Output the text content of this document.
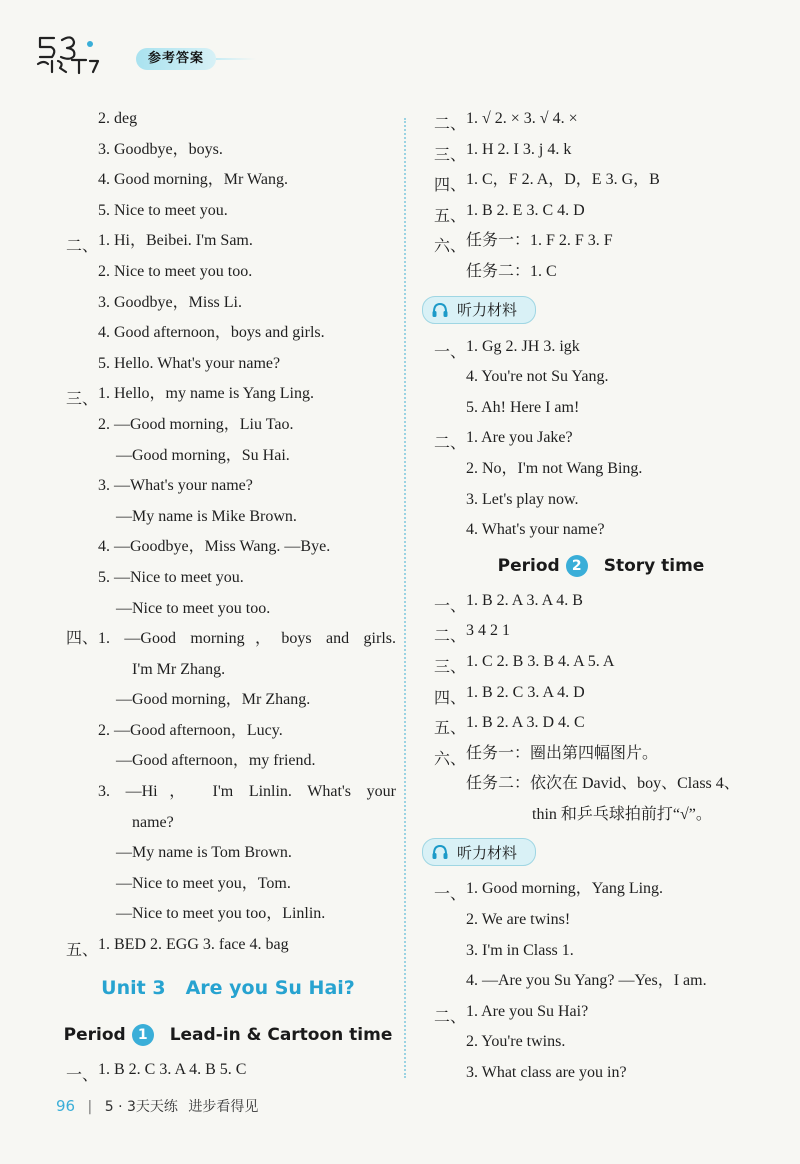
参考答案
2. deg
3. Goodbye，boys.
4. Good morning，Mr Wang.
5. Nice to meet you.
二、 1. Hi，Beibei. I'm Sam.
2. Nice to meet you too.
3. Goodbye，Miss Li.
4. Good afternoon，boys and girls.
5. Hello. What's your name?
三、 1. Hello，my name is Yang Ling.
2. —Good morning，Liu Tao.
—Good morning，Su Hai.
3. —What's your name?
—My name is Mike Brown.
4. —Goodbye，Miss Wang. —Bye.
5. —Nice to meet you.
—Nice to meet you too.
四、 1. —Good morning，boys and girls.
I'm Mr Zhang.
—Good morning，Mr Zhang.
2. —Good afternoon，Lucy.
—Good afternoon，my friend.
3. —Hi， I'm Linlin. What's your
name?
—My name is Tom Brown.
—Nice to meet you，Tom.
—Nice to meet you too，Linlin.
五、 1. BED 2. EGG 3. face 4. bag
Unit 3 Are you Su Hai?
Period 1	Lead-in & Cartoon time
一、 1. B 2. C 3. A 4. B 5. C
二、 1. √ 2. × 3. √ 4. ×
三、 1. H 2. I 3. j 4. k
四、 1. C，F 2. A，D，E 3. G，B
五、 1. B 2. E 3. C 4. D
六、 任务一：1. F 2. F 3. F
任务二：1. C
听力材料
一、 1. Gg 2. JH 3. igk
4. You're not Su Yang.
5. Ah! Here I am!
二、 1. Are you Jake?
2. No，I'm not Wang Bing.
3. Let's play now.
4. What's your name?
Period 2	Story time
一、 1. B 2. A 3. A 4. B
二、 3 4 2 1
三、 1. C 2. B 3. B 4. A 5. A
四、 1. B 2. C 3. A 4. D
五、 1. B 2. A 3. D 4. C
六、 任务一：圈出第四幅图片。
任务二：依次在 David、boy、Class 4、
thin 和乒乓球拍前打“√”。
听力材料
一、 1. Good morning，Yang Ling.
2. We are twins!
3. I'm in Class 1.
4. —Are you Su Yang? —Yes，I am.
二、 1. Are you Su Hai?
2. You're twins.
3. What class are you in?
96 | 5 · 3天天练 进步看得见
